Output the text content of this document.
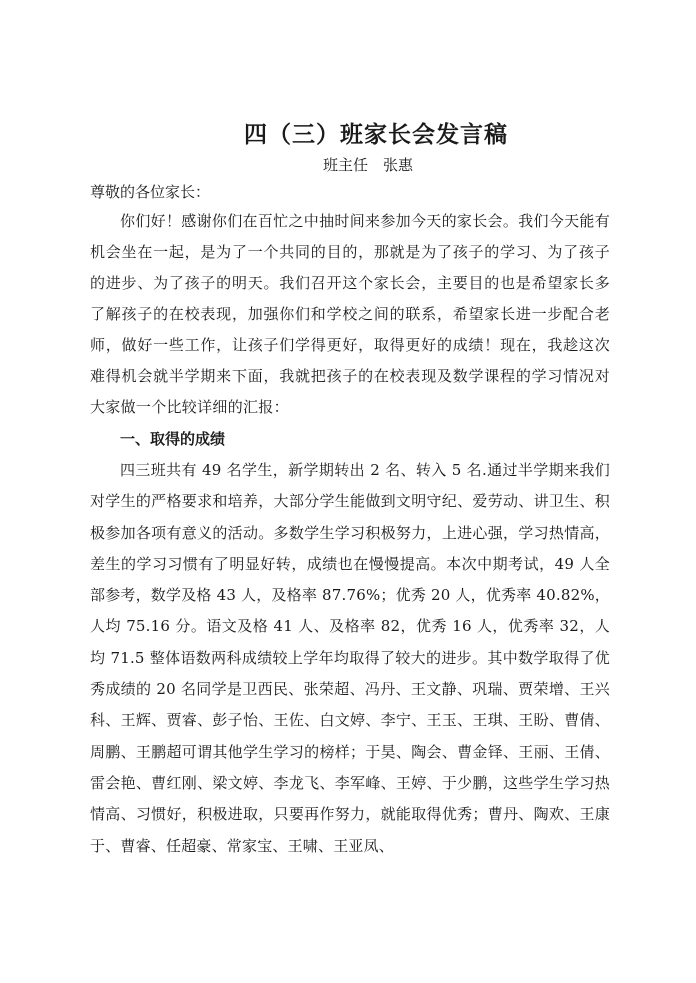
四（三）班家长会发言稿

班主任　张惠

尊敬的各位家长：

你们好！感谢你们在百忙之中抽时间来参加今天的家长会。我们今天能有机会坐在一起，是为了一个共同的目的，那就是为了孩子的学习、为了孩子的进步、为了孩子的明天。我们召开这个家长会，主要目的也是希望家长多了解孩子的在校表现，加强你们和学校之间的联系，希望家长进一步配合老师，做好一些工作，让孩子们学得更好，取得更好的成绩！现在，我趁这次难得机会就半学期来下面，我就把孩子的在校表现及数学课程的学习情况对大家做一个比较详细的汇报：

一、取得的成绩

四三班共有 49 名学生，新学期转出 2 名、转入 5 名.通过半学期来我们对学生的严格要求和培养，大部分学生能做到文明守纪、爱劳动、讲卫生、积极参加各项有意义的活动。多数学生学习积极努力，上进心强，学习热情高，差生的学习习惯有了明显好转，成绩也在慢慢提高。本次中期考试，49 人全部参考，数学及格 43 人，及格率 87.76%；优秀 20 人，优秀率 40.82%，人均 75.16 分。语文及格 41 人、及格率 82，优秀 16 人，优秀率 32，人均 71.5 整体语数两科成绩较上学年均取得了较大的进步。其中数学取得了优秀成绩的 20 名同学是卫西民、张荣超、冯丹、王文静、巩瑞、贾荣增、王兴科、王辉、贾睿、彭子怡、王佐、白文婷、李宁、王玉、王琪、王盼、曹倩、周鹏、王鹏超可谓其他学生学习的榜样；于昊、陶会、曹金铎、王丽、王倩、雷会艳、曹红刚、梁文婷、李龙飞、李军峰、王婷、于少鹏，这些学生学习热情高、习惯好，积极进取，只要再作努力，就能取得优秀；曹丹、陶欢、王康于、曹睿、任超豪、常家宝、王啸、王亚凤、
